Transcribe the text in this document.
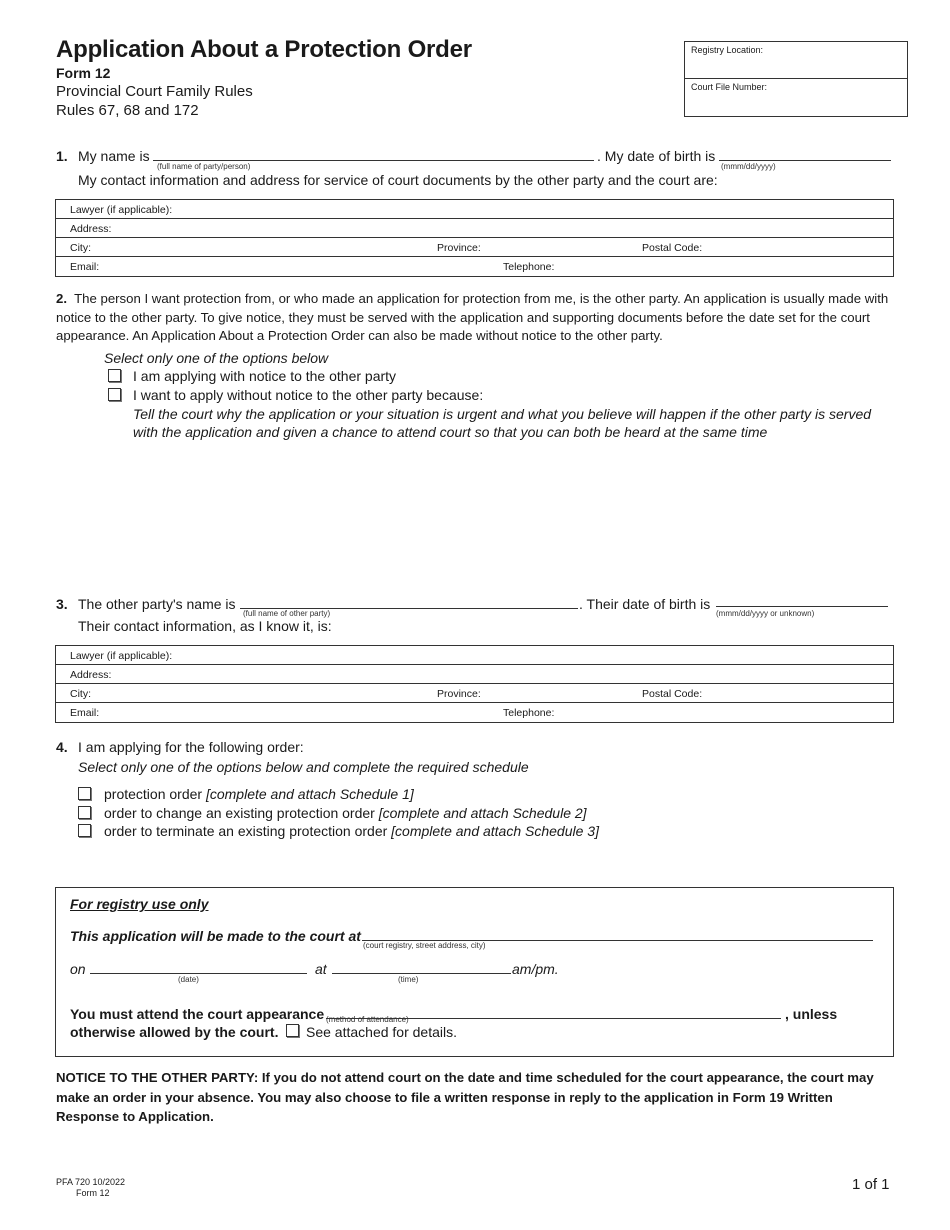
Application About a Protection Order
Form 12
Provincial Court Family Rules
Rules 67, 68 and 172
Registry Location:
Court File Number:
1. My name is
(full name of party/person)
. My date of birth is
(mmm/dd/yyyy)
My contact information and address for service of court documents by the other party and the court are:
Lawyer (if applicable):
Address:
City:	Province:	Postal Code:
Email:	Telephone:
2. The person I want protection from, or who made an application for protection from me, is the other party. An application is usually made with notice to the other party. To give notice, they must be served with the application and supporting documents before the date set for the court appearance. An Application About a Protection Order can also be made without notice to the other party.
Select only one of the options below
I am applying with notice to the other party
I want to apply without notice to the other party because:
Tell the court why the application or your situation is urgent and what you believe will happen if the other party is served
with the application and given a chance to attend court so that you can both be heard at the same time
3. The other party's name is
(full name of other party)
. Their date of birth is
(mmm/dd/yyyy or unknown)
Their contact information, as I know it, is:
Lawyer (if applicable):
Address:
City:	Province:	Postal Code:
Email:	Telephone:
4. I am applying for the following order:
Select only one of the options below and complete the required schedule
protection order [complete and attach Schedule 1]
order to change an existing protection order [complete and attach Schedule 2]
order to terminate an existing protection order [complete and attach Schedule 3]
For registry use only
This application will be made to the court at
(court registry, street address, city)
on
(date)
at
(time)
am/pm.
You must attend the court appearance (method of attendance)	, unless
otherwise allowed by the court. See attached for details.
NOTICE TO THE OTHER PARTY: If you do not attend court on the date and time scheduled for the court appearance, the court may make an order in your absence. You may also choose to file a written response in reply to the application in Form 19 Written Response to Application.
PFA 720 10/2022
Form 12	1 of 1
